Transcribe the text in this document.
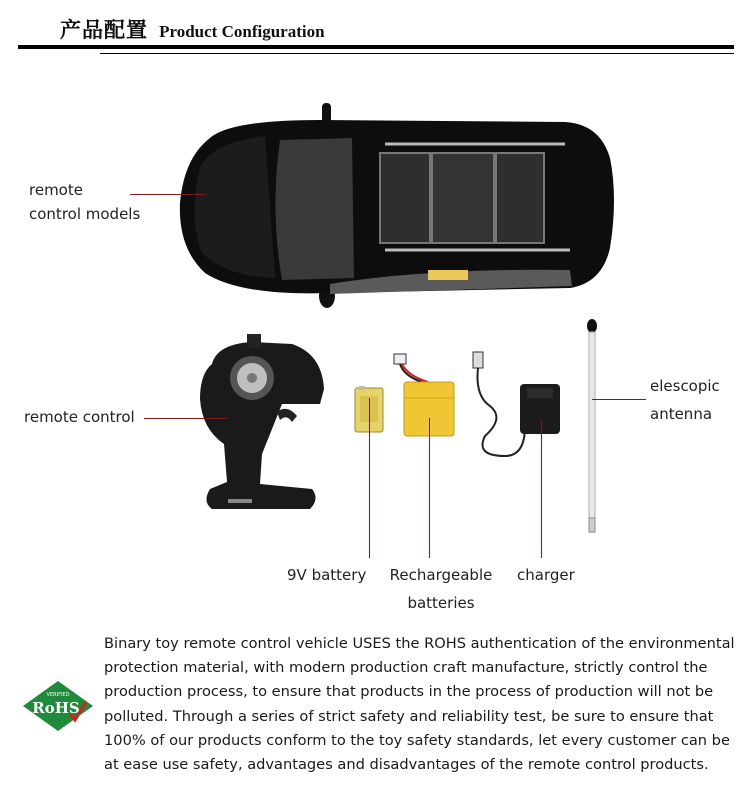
产品配置 Product Configuration
remote
control models
remote control
elescopic
antenna
9V battery Rechargeable
batteries
charger
VERIFIED
RoHS
Binary toy remote control vehicle USES the ROHS authentication of the environmental
protection material, with modern production craft manufacture, strictly control the
production process, to ensure that products in the process of production will not be
polluted. Through a series of strict safety and reliability test, be sure to ensure that
100% of our products conform to the toy safety standards, let every customer can be
at ease use safety, advantages and disadvantages of the remote control products.
